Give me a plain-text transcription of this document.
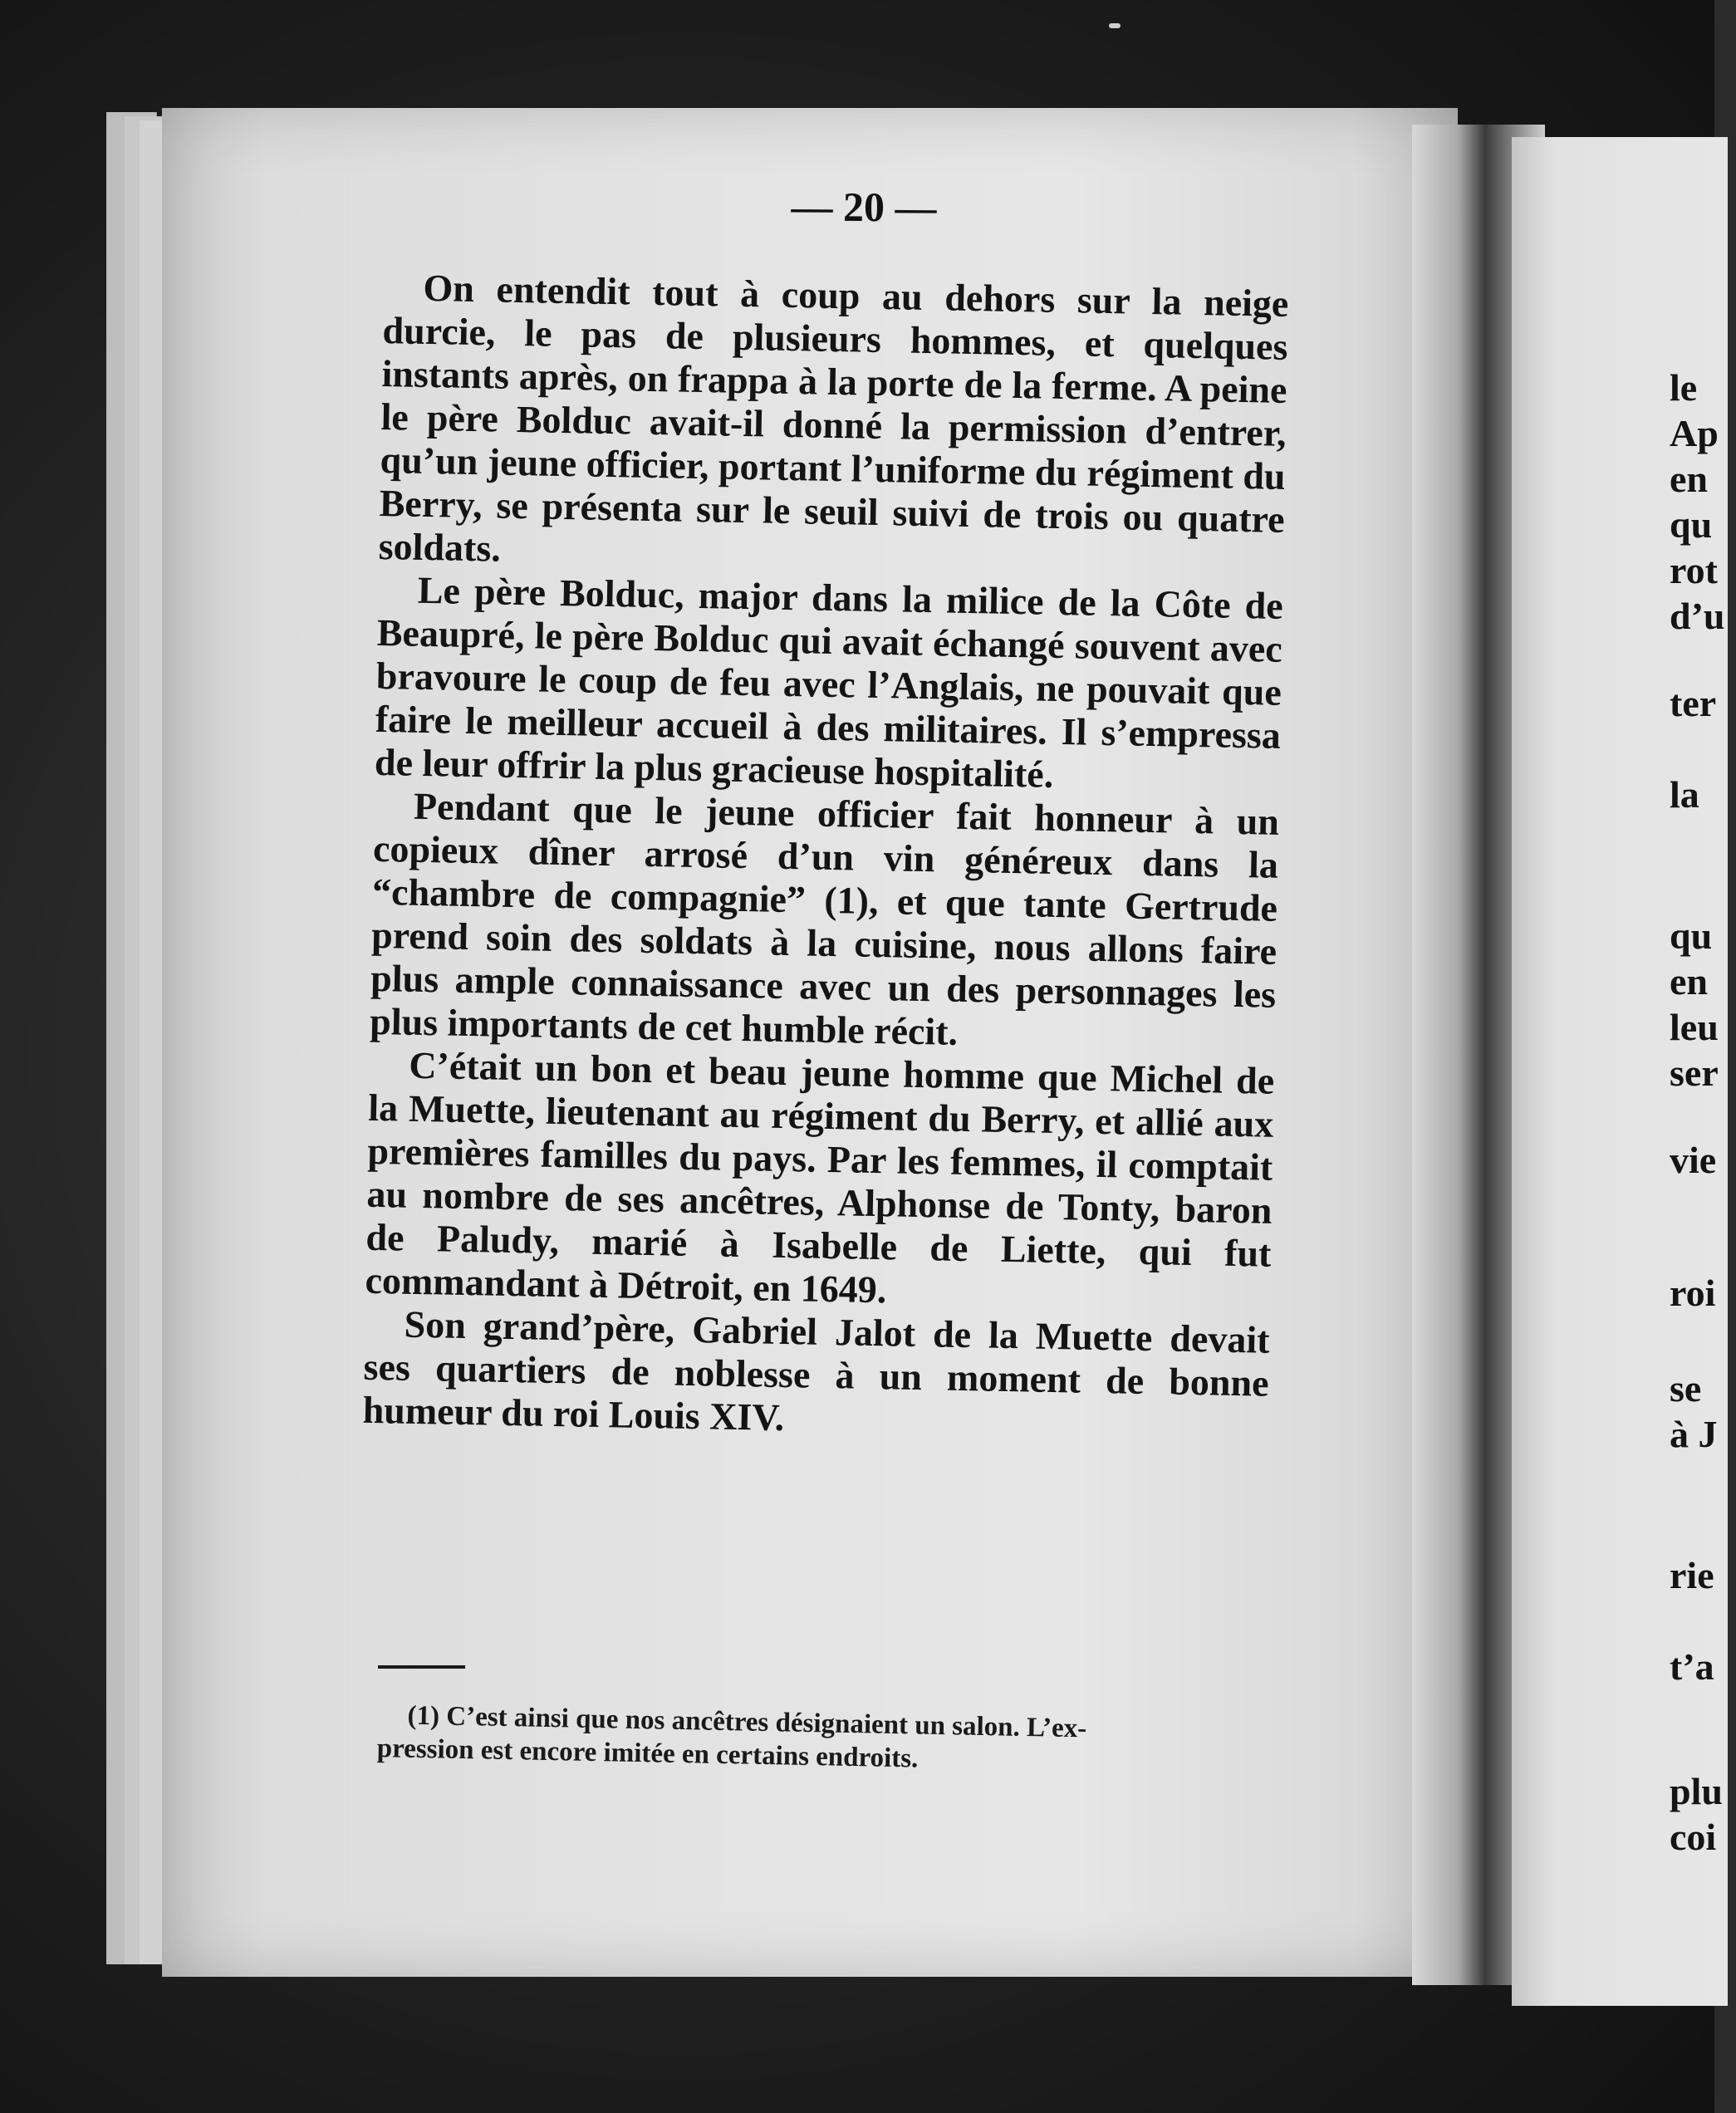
— 20 —

On entendit tout à coup au dehors sur la neige durcie, le pas de plusieurs hommes, et quelques instants après, on frappa à la porte de la ferme. A peine le père Bolduc avait-il donné la permission d’entrer, qu’un jeune officier, portant l’uniforme du régiment du Berry, se présenta sur le seuil suivi de trois ou quatre soldats.

Le père Bolduc, major dans la milice de la Côte de Beaupré, le père Bolduc qui avait échangé souvent avec bravoure le coup de feu avec l’Anglais, ne pouvait que faire le meilleur accueil à des militaires. Il s’empressa de leur offrir la plus gracieuse hospitalité.

Pendant que le jeune officier fait honneur à un copieux dîner arrosé d’un vin généreux dans la “chambre de compagnie” (1), et que tante Gertrude prend soin des soldats à la cuisine, nous allons faire plus ample connaissance avec un des personnages les plus importants de cet humble récit.

C’était un bon et beau jeune homme que Michel de la Muette, lieutenant au régiment du Berry, et allié aux premières familles du pays. Par les femmes, il comptait au nombre de ses ancêtres, Alphonse de Tonty, baron de Paludy, marié à Isabelle de Liette, qui fut commandant à Détroit, en 1649.

Son grand’père, Gabriel Jalot de la Muette devait ses quartiers de noblesse à un moment de bonne humeur du roi Louis XIV.

(1) C’est ainsi que nos ancêtres désignaient un salon. L’ex-
pression est encore imitée en certains endroits.
le
Ap
en
qu
rot
d’u
ter
la
qu
en
leu
ser
vie
roi
se
à J
rie
t’a
plu
coi
